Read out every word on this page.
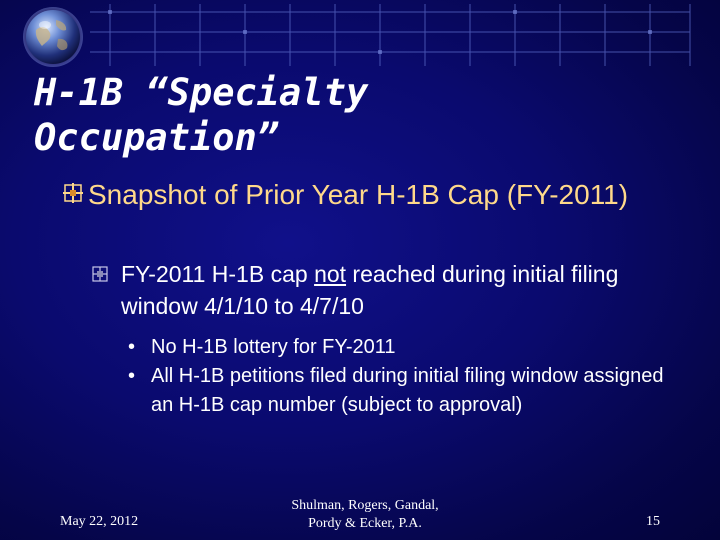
H-1B “Specialty
Occupation”
Snapshot of Prior Year H-1B Cap (FY-2011)
FY-2011 H-1B cap not reached during initial filing window 4/1/10 to 4/7/10
• No H-1B lottery for FY-2011
• All H-1B petitions filed during initial filing window assigned an H-1B cap number (subject to approval)
May 22, 2012
Shulman, Rogers, Gandal,
Pordy & Ecker, P.A.	15
